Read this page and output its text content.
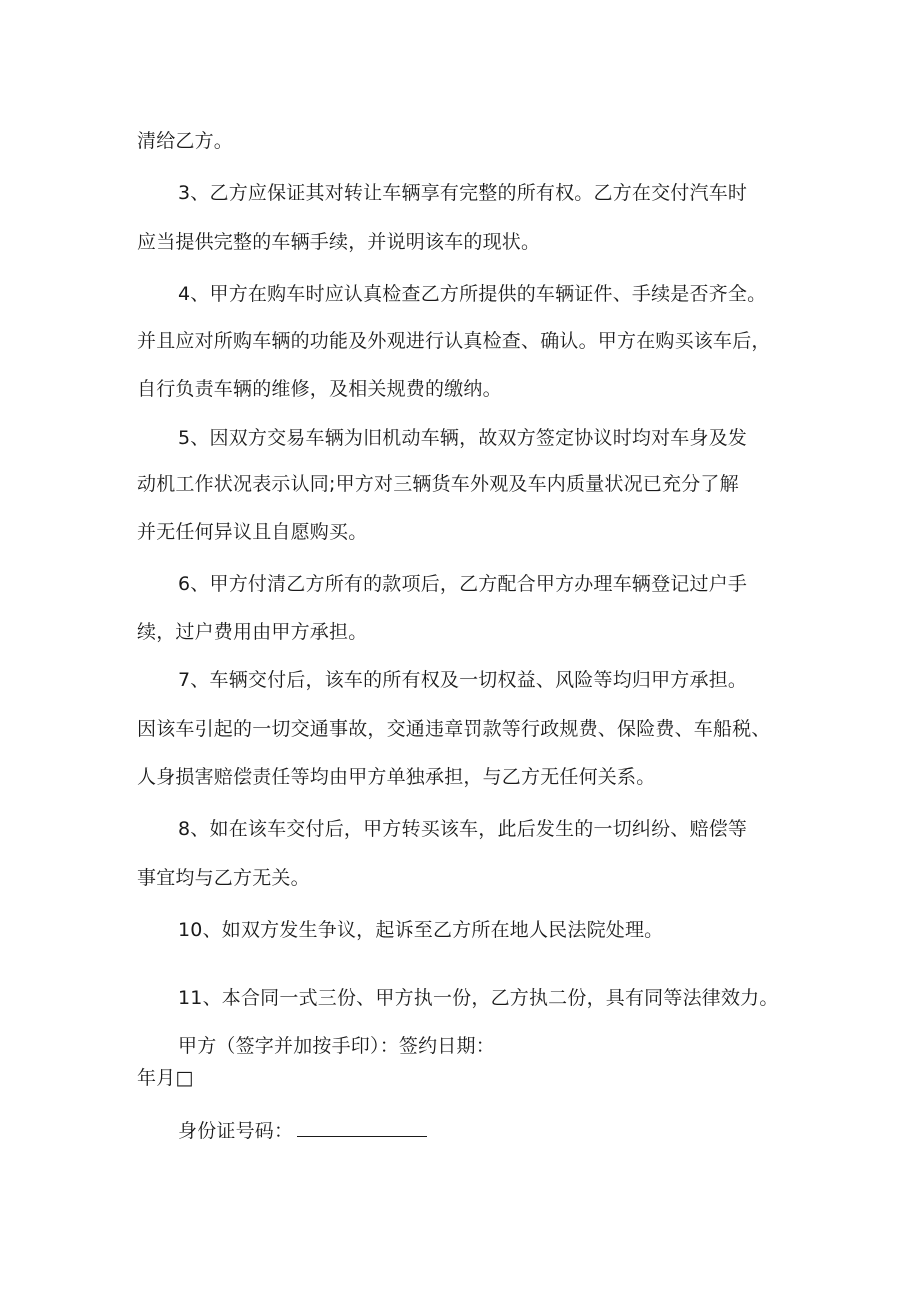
清给乙方。
3、乙方应保证其对转让车辆享有完整的所有权。乙方在交付汽车时
应当提供完整的车辆手续，并说明该车的现状。
4、甲方在购车时应认真检查乙方所提供的车辆证件、手续是否齐全。
并且应对所购车辆的功能及外观进行认真检查、确认。甲方在购买该车后，
自行负责车辆的维修，及相关规费的缴纳。
5、因双方交易车辆为旧机动车辆，故双方签定协议时均对车身及发
动机工作状况表示认同;甲方对三辆货车外观及车内质量状况已充分了解
并无任何异议且自愿购买。
6、甲方付清乙方所有的款项后，乙方配合甲方办理车辆登记过户手
续，过户费用由甲方承担。
7、车辆交付后，该车的所有权及一切权益、风险等均归甲方承担。
因该车引起的一切交通事故，交通违章罚款等行政规费、保险费、车船税、
人身损害赔偿责任等均由甲方单独承担，与乙方无任何关系。
8、如在该车交付后，甲方转买该车，此后发生的一切纠纷、赔偿等
事宜均与乙方无关。
10、如双方发生争议，起诉至乙方所在地人民法院处理。
11、本合同一式三份、甲方执一份，乙方执二份，具有同等法律效力。
甲方（签字并加按手印）：签约日期：
年月□
身份证号码：
